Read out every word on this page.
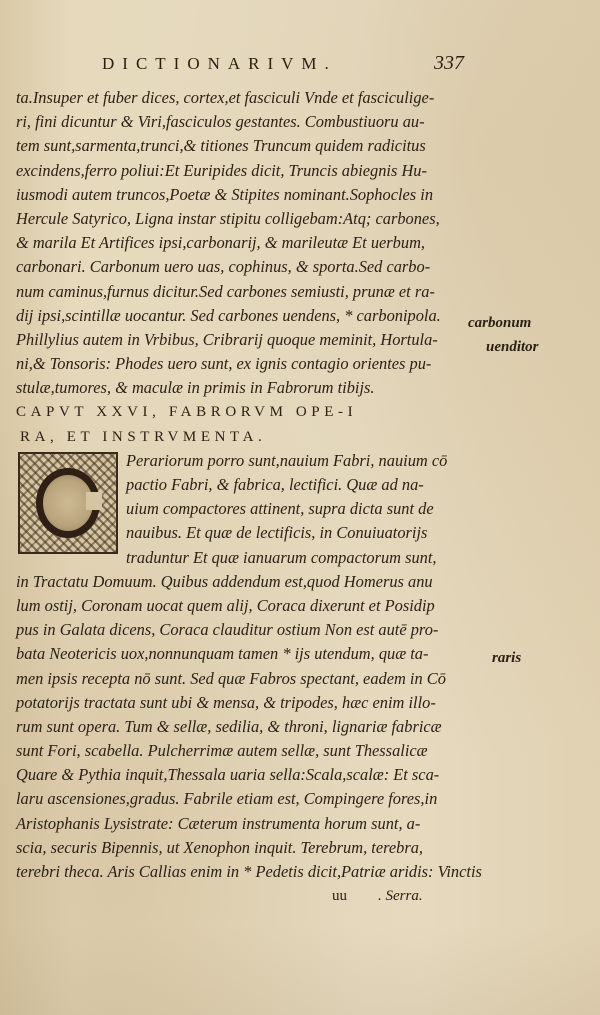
DICTIONARIVM.	337
ta.Insuper et fuber dices, cortex,et fasciculi Vnde et fasciculige-
ri, fini dicuntur & Viri,fasciculos gestantes. Combustiuoru au-
tem sunt,sarmenta,trunci,& titiones Truncum quidem radicitus
excindens,ferro poliui:Et Euripides dicit, Truncis abiegnis Hu-
iusmodi autem truncos,Poetæ & Stipites nominant.Sophocles in
Hercule Satyrico, Ligna instar stipitu colligebam:Atq; carbones,
& marila Et Artifices ipsi,carbonarij, & marileutæ Et uerbum,
carbonari. Carbonum uero uas, cophinus, & sporta.Sed carbo-
num caminus,furnus dicitur.Sed carbones semiusti, prunæ et ra-
dij ipsi,scintillæ uocantur. Sed carbones uendens, * carbonipola.
Phillylius autem in Vrbibus, Cribrarij quoque meminit, Hortula-
ni,& Tonsoris: Phodes uero sunt, ex ignis contagio orientes pu-
stulæ,tumores, & maculæ in primis in Fabrorum tibijs.
CAPVT XXVI, FABRORVM OPE-I
RA, ET INSTRVMENTA.
Perariorum porro sunt,nauium Fabri, nauium cō
pactio Fabri, & fabrica, lectifici. Quæ ad na-
uium compactores attinent, supra dicta sunt de
nauibus. Et quæ de lectificis, in Conuiuatorijs
traduntur Et quæ ianuarum compactorum sunt,
in Tractatu Domuum. Quibus addendum est,quod Homerus anu
lum ostij, Coronam uocat quem alij, Coraca dixerunt et Posidip
pus in Galata dicens, Coraca clauditur ostium Non est autē pro-
bata Neotericis uox,nonnunquam tamen * ijs utendum, quæ ta-
men ipsis recepta nō sunt. Sed quæ Fabros spectant, eadem in Cō
potatorijs tractata sunt ubi & mensa, & tripodes, hæc enim illo-
rum sunt opera. Tum & sellæ, sedilia, & throni, lignariæ fabricæ
sunt Fori, scabella. Pulcherrimæ autem sellæ, sunt Thessalicæ
Quare & Pythia inquit,Thessala uaria sella:Scala,scalæ: Et sca-
laru ascensiones,gradus. Fabrile etiam est, Compingere fores,in
Aristophanis Lysistrate: Cæterum instrumenta horum sunt, a-
scia, securis Bipennis, ut Xenophon inquit. Terebrum, terebra,
terebri theca. Aris Callias enim in * Pedetis dicit,Patriæ aridis: Vinctis
carbonum
uenditor
raris
uu . Serra.
